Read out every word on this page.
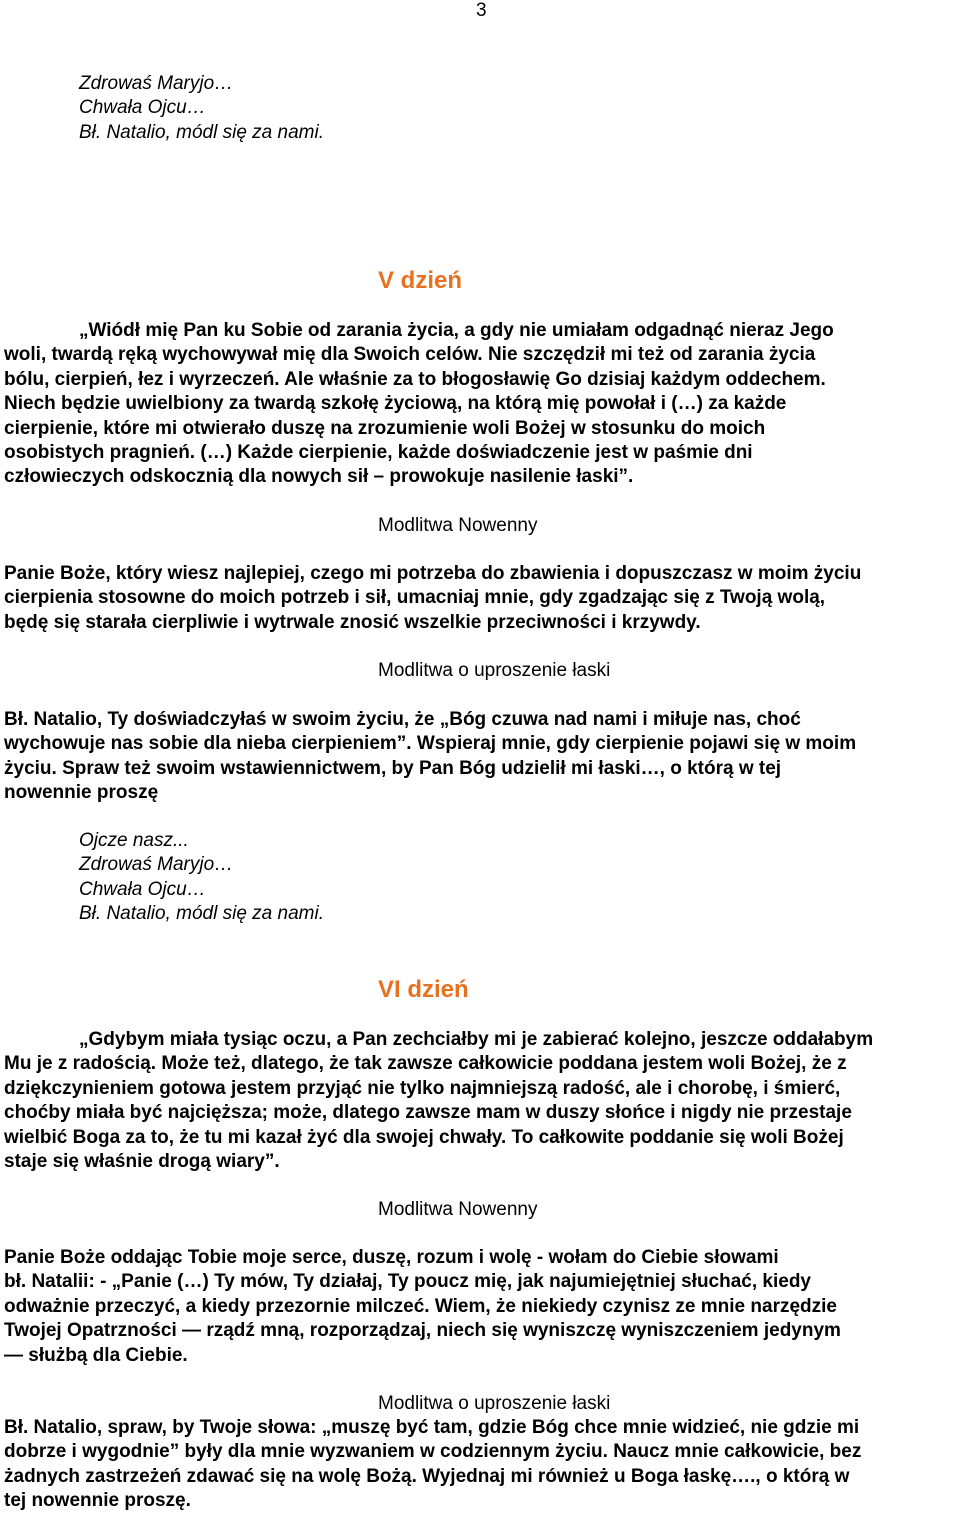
3
Zdrowaś Maryjo…
Chwała Ojcu…
Bł. Natalio, módl się za nami.
V dzień
„Wiódł mię Pan ku Sobie od zarania życia, a gdy nie umiałam odgadnąć nieraz Jego
woli, twardą ręką wychowywał mię dla Swoich celów. Nie szczędził mi też od zarania życia
bólu, cierpień, łez i wyrzeczeń. Ale właśnie za to błogosławię Go dzisiaj każdym oddechem.
Niech będzie uwielbiony za twardą szkołę życiową, na którą mię powołał i (…) za każde
cierpienie, które mi otwierało duszę na zrozumienie woli Bożej w stosunku do moich
osobistych pragnień. (…) Każde cierpienie, każde doświadczenie jest w paśmie dni
człowieczych odskocznią dla nowych sił – prowokuje nasilenie łaski”.
Modlitwa Nowenny
Panie Boże, który wiesz najlepiej, czego mi potrzeba do zbawienia i dopuszczasz w moim życiu
cierpienia stosowne do moich potrzeb i sił, umacniaj mnie, gdy zgadzając się z Twoją wolą,
będę się starała cierpliwie i wytrwale znosić wszelkie przeciwności i krzywdy.
Modlitwa o uproszenie łaski
Bł. Natalio, Ty doświadczyłaś w swoim życiu, że „Bóg czuwa nad nami i miłuje nas, choć
wychowuje nas sobie dla nieba cierpieniem”. Wspieraj mnie, gdy cierpienie pojawi się w moim
życiu. Spraw też swoim wstawiennictwem, by Pan Bóg udzielił mi łaski…, o którą w tej
nowennie proszę
Ojcze nasz...
Zdrowaś Maryjo…
Chwała Ojcu…
Bł. Natalio, módl się za nami.
VI dzień
„Gdybym miała tysiąc oczu, a Pan zechciałby mi je zabierać kolejno, jeszcze oddałabym
Mu je z radością. Może też, dlatego, że tak zawsze całkowicie poddana jestem woli Bożej, że z
dziękczynieniem gotowa jestem przyjąć nie tylko najmniejszą radość, ale i chorobę, i śmierć,
choćby miała być najcięższa; może, dlatego zawsze mam w duszy słońce i nigdy nie przestaje
wielbić Boga za to, że tu mi kazał żyć dla swojej chwały. To całkowite poddanie się woli Bożej
staje się właśnie drogą wiary”.
Modlitwa Nowenny
Panie Boże oddając Tobie moje serce, duszę, rozum i wolę - wołam do Ciebie słowami
bł. Natalii: - „Panie (…) Ty mów, Ty działaj, Ty poucz mię, jak najumiejętniej słuchać, kiedy
odważnie przeczyć, a kiedy przezornie milczeć. Wiem, że niekiedy czynisz ze mnie narzędzie
Twojej Opatrzności — rządź mną, rozporządzaj, niech się wyniszczę wyniszczeniem jedynym
— służbą dla Ciebie.
Modlitwa o uproszenie łaski
Bł. Natalio, spraw, by Twoje słowa: „muszę być tam, gdzie Bóg chce mnie widzieć, nie gdzie mi
dobrze i wygodnie” były dla mnie wyzwaniem w codziennym życiu. Naucz mnie całkowicie, bez
żadnych zastrzeżeń zdawać się na wolę Bożą. Wyjednaj mi również u Boga łaskę…., o którą w
tej nowennie proszę.
